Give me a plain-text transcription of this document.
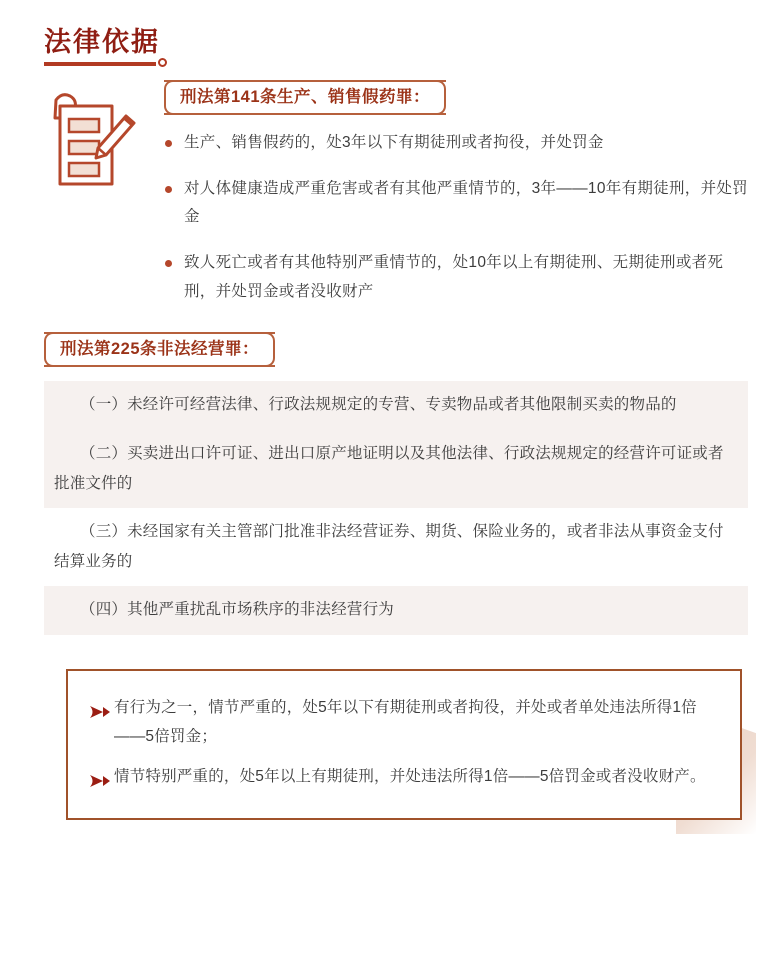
法律依据
刑法第141条生产、销售假药罪：
生产、销售假药的，处3年以下有期徒刑或者拘役，并处罚金
对人体健康造成严重危害或者有其他严重情节的，3年——10年有期徒刑，并处罚金
致人死亡或者有其他特别严重情节的，处10年以上有期徒刑、无期徒刑或者死刑，并处罚金或者没收财产
刑法第225条非法经营罪：
（一）未经许可经营法律、行政法规规定的专营、专卖物品或者其他限制买卖的物品的
（二）买卖进出口许可证、进出口原产地证明以及其他法律、行政法规规定的经营许可证或者批准文件的
（三）未经国家有关主管部门批准非法经营证券、期货、保险业务的，或者非法从事资金支付结算业务的
（四）其他严重扰乱市场秩序的非法经营行为
有行为之一，情节严重的，处5年以下有期徒刑或者拘役，并处或者单处违法所得1倍——5倍罚金；
情节特别严重的，处5年以上有期徒刑，并处违法所得1倍——5倍罚金或者没收财产。
